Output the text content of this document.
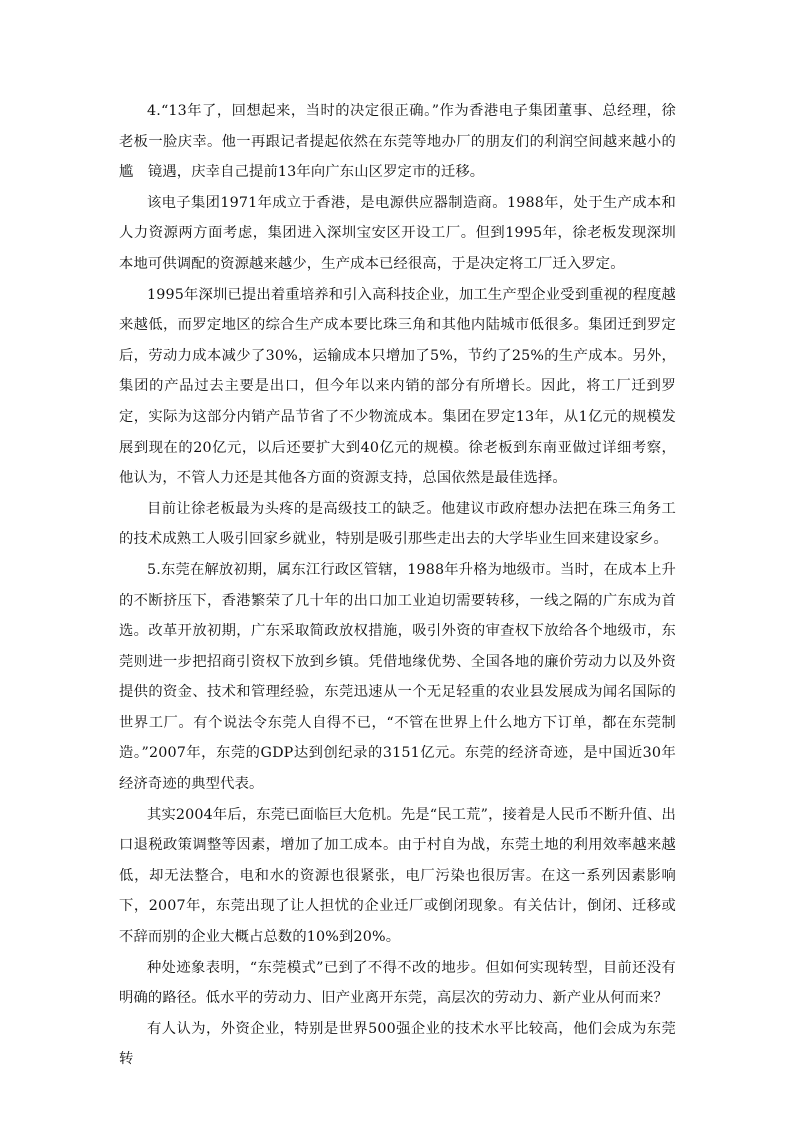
4.“13年了，回想起来，当时的决定很正确。”作为香港电子集团董事、总经理，徐老板一脸庆幸。他一再跟记者提起依然在东莞等地办厂的朋友们的利润空间越来越小的尴　镜遇，庆幸自己提前13年向广东山区罗定市的迁移。

该电子集团1971年成立于香港，是电源供应器制造商。1988年，处于生产成本和人力资源两方面考虑，集团进入深圳宝安区开设工厂。但到1995年，徐老板发现深圳本地可供调配的资源越来越少，生产成本已经很高，于是决定将工厂迁入罗定。

1995年深圳已提出着重培养和引入高科技企业，加工生产型企业受到重视的程度越来越低，而罗定地区的综合生产成本要比珠三角和其他内陆城市低很多。集团迁到罗定后，劳动力成本减少了30%，运输成本只增加了5%，节约了25%的生产成本。另外，集团的产品过去主要是出口，但今年以来内销的部分有所增长。因此，将工厂迁到罗定，实际为这部分内销产品节省了不少物流成本。集团在罗定13年，从1亿元的规模发展到现在的20亿元，以后还要扩大到40亿元的规模。徐老板到东南亚做过详细考察，他认为，不管人力还是其他各方面的资源支持，总国依然是最佳选择。

目前让徐老板最为头疼的是高级技工的缺乏。他建议市政府想办法把在珠三角务工的技术成熟工人吸引回家乡就业，特别是吸引那些走出去的大学毕业生回来建设家乡。

5.东莞在解放初期，属东江行政区管辖，1988年升格为地级市。当时，在成本上升的不断挤压下，香港繁荣了几十年的出口加工业迫切需要转移，一线之隔的广东成为首选。改革开放初期，广东采取简政放权措施，吸引外资的审查权下放给各个地级市，东莞则进一步把招商引资权下放到乡镇。凭借地缘优势、全国各地的廉价劳动力以及外资提供的资金、技术和管理经验，东莞迅速从一个无足轻重的农业县发展成为闻名国际的世界工厂。有个说法令东莞人自得不已，“不管在世界上什么地方下订单，都在东莞制造。”2007年，东莞的GDP达到创纪录的3151亿元。东莞的经济奇迹，是中国近30年经济奇迹的典型代表。

其实2004年后，东莞已面临巨大危机。先是“民工荒”，接着是人民币不断升值、出口退税政策调整等因素，增加了加工成本。由于村自为战，东莞土地的利用效率越来越低，却无法整合，电和水的资源也很紧张，电厂污染也很厉害。在这一系列因素影响下，2007年，东莞出现了让人担忧的企业迁厂或倒闭现象。有关估计，倒闭、迁移或不辞而别的企业大概占总数的10%到20%。

种处迹象表明，“东莞模式”已到了不得不改的地步。但如何实现转型，目前还没有明确的路径。低水平的劳动力、旧产业离开东莞，高层次的劳动力、新产业从何而来？

有人认为，外资企业，特别是世界500强企业的技术水平比较高，他们会成为东莞转
